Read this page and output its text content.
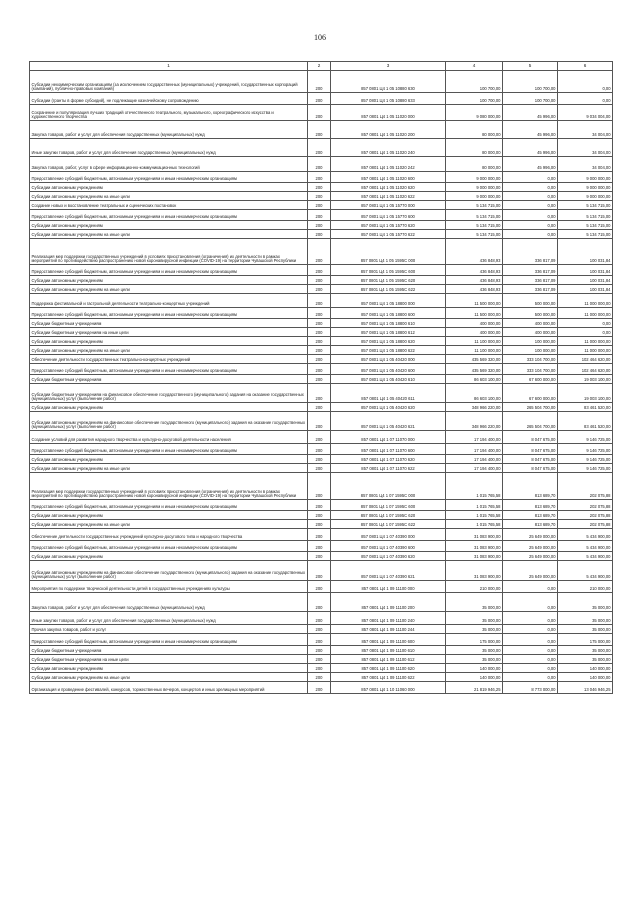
106
1	2	3	4	5	6
Субсидии некоммерческим организациям (за исключением государственных (муниципальных) учреждений, государственных корпораций (компаний), публично-правовых компаний)	200	857 0801 Ц4 1 05 10880 630	100 700,00	100 700,00	0,00
Субсидии (гранты в форме субсидий), не подлежащие казначейскому сопровождению	200	857 0801 Ц4 1 05 10880 633	100 700,00	100 700,00	0,00
Сохранение и популяризация лучших традиций отечественного театрального, музыкального, хореографического искусства и художественного творчества	200	857 0801 Ц4 1 05 11020 000	9 080 000,00	45 996,00	9 034 004,00
Закупка товаров, работ и услуг для обеспечения государственных (муниципальных) нужд	200	857 0801 Ц4 1 05 11020 200	80 000,00	45 996,00	34 004,00
Иные закупки товаров, работ и услуг для обеспечения государственных (муниципальных) нужд	200	857 0801 Ц4 1 05 11020 240	80 000,00	45 996,00	34 004,00
Закупка товаров, работ, услуг в сфере информационно-коммуникационных технологий	200	857 0801 Ц4 1 05 11020 242	80 000,00	45 996,00	34 004,00
Предоставление субсидий бюджетным, автономным учреждениям и иным некоммерческим организациям	200	857 0801 Ц4 1 05 11020 600	9 000 000,00	0,00	9 000 000,00
Субсидии автономным учреждениям	200	857 0801 Ц4 1 05 11020 620	9 000 000,00	0,00	9 000 000,00
Субсидии автономным учреждениям на иные цели	200	857 0801 Ц4 1 05 11020 622	9 000 000,00	0,00	9 000 000,00
Создание новых и восстановление театральных и сценических постановок	200	857 0801 Ц4 1 05 15770 000	5 134 715,00	0,00	5 134 715,00
Предоставление субсидий бюджетным, автономным учреждениям и иным некоммерческим организациям	200	857 0801 Ц4 1 05 15770 600	5 134 715,00	0,00	5 134 715,00
Субсидии автономным учреждениям	200	857 0801 Ц4 1 05 15770 620	5 134 715,00	0,00	5 134 715,00
Субсидии автономным учреждениям на иные цели	200	857 0801 Ц4 1 05 15770 622	5 134 715,00	0,00	5 134 715,00
Реализация мер поддержки государственных учреждений в условиях приостановления (ограничения) их деятельности в рамках мероприятий по противодействию распространению новой коронавирусной инфекции (COVID-19) на территории Чувашской Республики	200	857 0801 Ц4 1 05 1595C 000	436 848,93	336 817,09	100 031,84
Предоставление субсидий бюджетным, автономным учреждениям и иным некоммерческим организациям	200	857 0801 Ц4 1 05 1595C 600	436 848,93	336 817,09	100 031,84
Субсидии автономным учреждениям	200	857 0801 Ц4 1 05 1595C 620	436 848,93	336 817,09	100 031,84
Субсидии автономным учреждениям на иные цели	200	857 0801 Ц4 1 05 1595C 622	436 848,93	336 817,09	100 031,84
Поддержка фестивальной и гастрольной деятельности театрально-концертных учреждений	200	857 0801 Ц4 1 05 18800 000	11 500 000,00	500 000,00	11 000 000,00
Предоставление субсидий бюджетным, автономным учреждениям и иным некоммерческим организациям	200	857 0801 Ц4 1 05 18800 600	11 500 000,00	500 000,00	11 000 000,00
Субсидии бюджетным учреждениям	200	857 0801 Ц4 1 05 18800 610	400 000,00	400 000,00	0,00
Субсидии бюджетным учреждениям на иные цели	200	857 0801 Ц4 1 05 18800 612	400 000,00	400 000,00	0,00
Субсидии автономным учреждениям	200	857 0801 Ц4 1 05 18800 620	11 100 000,00	100 000,00	11 000 000,00
Субсидии автономным учреждениям на иные цели	200	857 0801 Ц4 1 05 18800 622	11 100 000,00	100 000,00	11 000 000,00
Обеспечение деятельности государственных театрально-концертных учреждений	200	857 0801 Ц4 1 05 40420 000	435 569 320,00	333 104 700,00	102 464 620,00
Предоставление субсидий бюджетным, автономным учреждениям и иным некоммерческим организациям	200	857 0801 Ц4 1 05 40420 600	435 569 320,00	333 104 700,00	102 464 620,00
Субсидии бюджетным учреждениям	200	857 0801 Ц4 1 05 40420 610	86 603 100,00	67 600 000,00	19 003 100,00
Субсидии бюджетным учреждениям на финансовое обеспечение государственного (муниципального) задания на оказание государственных (муниципальных) услуг (выполнение работ)	200	857 0801 Ц4 1 05 40420 611	86 603 100,00	67 600 000,00	19 003 100,00
Субсидии автономным учреждениям	200	857 0801 Ц4 1 05 40420 620	348 966 220,00	265 504 700,00	83 461 520,00
Субсидии автономным учреждениям на финансовое обеспечение государственного (муниципального) задания на оказание государственных (муниципальных) услуг (выполнение работ)	200	857 0801 Ц4 1 05 40420 621	348 966 220,00	265 504 700,00	83 461 520,00
Создание условий для развития народного творчества и культурно-досуговой деятельности населения	200	857 0801 Ц4 1 07 11070 000	17 194 400,00	8 047 675,00	9 146 725,00
Предоставление субсидий бюджетным, автономным учреждениям и иным некоммерческим организациям	200	857 0801 Ц4 1 07 11070 600	17 194 400,00	8 047 675,00	9 146 725,00
Субсидии автономным учреждениям	200	857 0801 Ц4 1 07 11070 620	17 194 400,00	8 047 675,00	9 146 725,00
Субсидии автономным учреждениям на иные цели	200	857 0801 Ц4 1 07 11070 622	17 194 400,00	8 047 675,00	9 146 725,00
Реализация мер поддержки государственных учреждений в условиях приостановления (ограничения) их деятельности в рамках мероприятий по противодействию распространению новой коронавирусной инфекции (COVID-19) на территории Чувашской Республики	200	857 0801 Ц4 1 07 1595C 000	1 015 765,58	813 689,70	202 075,88
Предоставление субсидий бюджетным, автономным учреждениям и иным некоммерческим организациям	200	857 0801 Ц4 1 07 1595C 600	1 015 765,58	813 689,70	202 075,88
Субсидии автономным учреждениям	200	857 0801 Ц4 1 07 1595C 620	1 015 765,58	813 689,70	202 075,88
Субсидии автономным учреждениям на иные цели	200	857 0801 Ц4 1 07 1595C 622	1 015 765,58	813 689,70	202 075,88
Обеспечение деятельности государственных учреждений культурно-досугового типа и народного творчества	200	857 0801 Ц4 1 07 40390 000	31 083 900,00	25 649 000,00	5 434 900,00
Предоставление субсидий бюджетным, автономным учреждениям и иным некоммерческим организациям	200	857 0801 Ц4 1 07 40390 600	31 083 900,00	25 649 000,00	5 434 900,00
Субсидии автономным учреждениям	200	857 0801 Ц4 1 07 40390 620	31 083 900,00	25 649 000,00	5 434 900,00
Субсидии автономным учреждениям на финансовое обеспечение государственного (муниципального) задания на оказание государственных (муниципальных) услуг (выполнение работ)	200	857 0801 Ц4 1 07 40390 621	31 083 900,00	25 649 000,00	5 434 900,00
Мероприятия по поддержке творческой деятельности детей в государственных учреждениях культуры	200	857 0801 Ц4 1 09 11100 000	210 000,00	0,00	210 000,00
Закупка товаров, работ и услуг для обеспечения государственных (муниципальных) нужд	200	857 0801 Ц4 1 09 11100 200	35 000,00	0,00	35 000,00
Иные закупки товаров, работ и услуг для обеспечения государственных (муниципальных) нужд	200	857 0801 Ц4 1 09 11100 240	35 000,00	0,00	35 000,00
Прочая закупка товаров, работ и услуг	200	857 0801 Ц4 1 09 11100 244	35 000,00	0,00	35 000,00
Предоставление субсидий бюджетным, автономным учреждениям и иным некоммерческим организациям	200	857 0801 Ц4 1 09 11100 600	175 000,00	0,00	175 000,00
Субсидии бюджетным учреждениям	200	857 0801 Ц4 1 09 11100 610	35 000,00	0,00	35 000,00
Субсидии бюджетным учреждениям на иные цели	200	857 0801 Ц4 1 09 11100 612	35 000,00	0,00	35 000,00
Субсидии автономным учреждениям	200	857 0801 Ц4 1 09 11100 620	140 000,00	0,00	140 000,00
Субсидии автономным учреждениям на иные цели	200	857 0801 Ц4 1 09 11100 622	140 000,00	0,00	140 000,00
Организация и проведение фестивалей, конкурсов, торжественных вечеров, концертов и иных зрелищных мероприятий	200	857 0801 Ц4 1 10 11060 000	21 819 946,25	8 773 000,00	13 046 946,25
